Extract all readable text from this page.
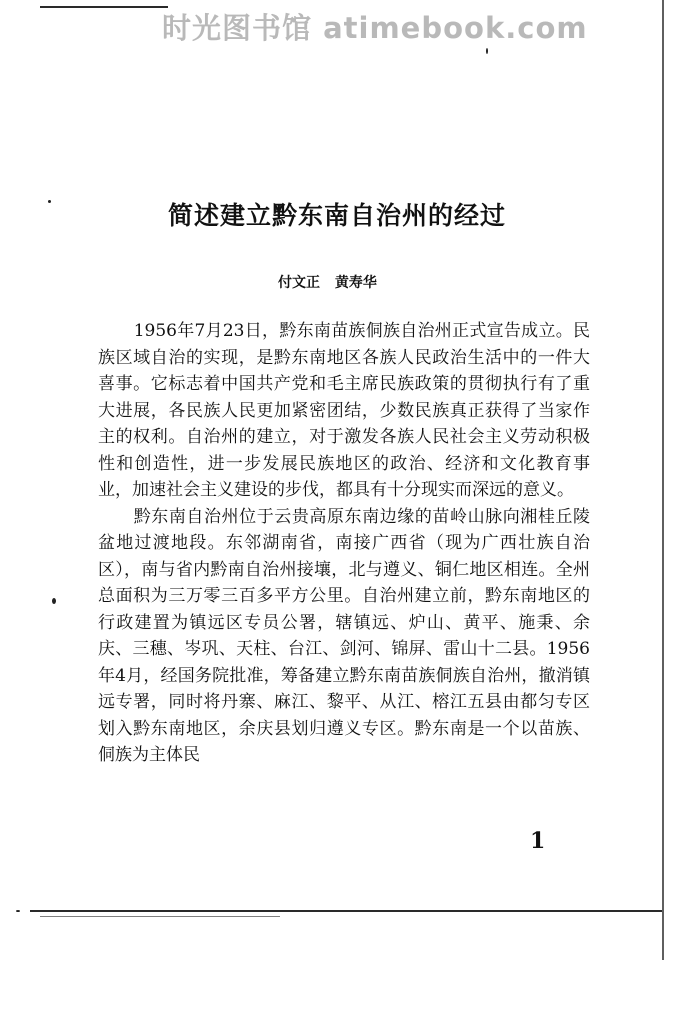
时光图书馆 atimebook.com
简述建立黔东南自治州的经过
付文正 黄寿华

1956年7月23日，黔东南苗族侗族自治州正式宣告成立。民族区域自治的实现，是黔东南地区各族人民政治生活中的一件大喜事。它标志着中国共产党和毛主席民族政策的贯彻执行有了重大进展，各民族人民更加紧密团结，少数民族真正获得了当家作主的权利。自治州的建立，对于激发各族人民社会主义劳动积极性和创造性，进一步发展民族地区的政治、经济和文化教育事业，加速社会主义建设的步伐，都具有十分现实而深远的意义。

黔东南自治州位于云贵高原东南边缘的苗岭山脉向湘桂丘陵盆地过渡地段。东邻湖南省，南接广西省（现为广西壮族自治区），南与省内黔南自治州接壤，北与遵义、铜仁地区相连。全州总面积为三万零三百多平方公里。自治州建立前，黔东南地区的行政建置为镇远区专员公署，辖镇远、炉山、黄平、施秉、余庆、三穗、岑巩、天柱、台江、剑河、锦屏、雷山十二县。1956年4月，经国务院批准，筹备建立黔东南苗族侗族自治州，撤消镇远专署，同时将丹寨、麻江、黎平、从江、榕江五县由都匀专区划入黔东南地区，余庆县划归遵义专区。黔东南是一个以苗族、侗族为主体民

1
